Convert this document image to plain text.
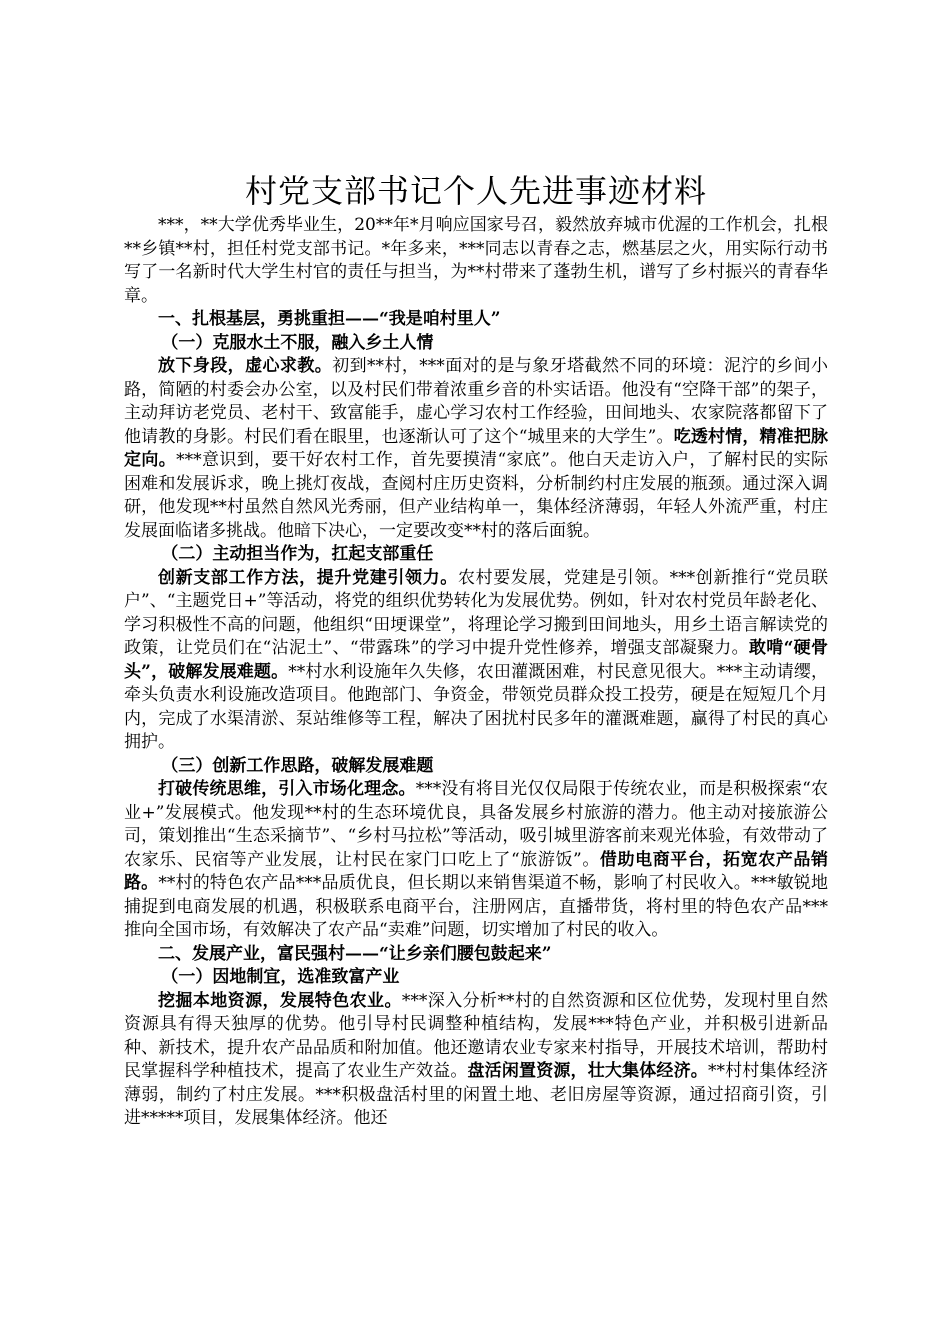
村党支部书记个人先进事迹材料

***，**大学优秀毕业生，20**年*月响应国家号召，毅然放弃城市优渥的工作机会，扎根**乡镇**村，担任村党支部书记。*年多来，***同志以青春之志，燃基层之火，用实际行动书写了一名新时代大学生村官的责任与担当，为**村带来了蓬勃生机，谱写了乡村振兴的青春华章。

一、扎根基层，勇挑重担——“我是咱村里人”

（一）克服水土不服，融入乡土人情

放下身段，虚心求教。初到**村，***面对的是与象牙塔截然不同的环境：泥泞的乡间小路，简陋的村委会办公室，以及村民们带着浓重乡音的朴实话语。他没有“空降干部”的架子，主动拜访老党员、老村干、致富能手，虚心学习农村工作经验，田间地头、农家院落都留下了他请教的身影。村民们看在眼里，也逐渐认可了这个“城里来的大学生”。吃透村情，精准把脉定向。***意识到，要干好农村工作，首先要摸清“家底”。他白天走访入户，了解村民的实际困难和发展诉求，晚上挑灯夜战，查阅村庄历史资料，分析制约村庄发展的瓶颈。通过深入调研，他发现**村虽然自然风光秀丽，但产业结构单一，集体经济薄弱，年轻人外流严重，村庄发展面临诸多挑战。他暗下决心，一定要改变**村的落后面貌。

（二）主动担当作为，扛起支部重任

创新支部工作方法，提升党建引领力。农村要发展，党建是引领。***创新推行“党员联户”、“主题党日+”等活动，将党的组织优势转化为发展优势。例如，针对农村党员年龄老化、学习积极性不高的问题，他组织“田埂课堂”，将理论学习搬到田间地头，用乡土语言解读党的政策，让党员们在“沾泥土”、“带露珠”的学习中提升党性修养，增强支部凝聚力。敢啃“硬骨头”，破解发展难题。**村水利设施年久失修，农田灌溉困难，村民意见很大。***主动请缨，牵头负责水利设施改造项目。他跑部门、争资金，带领党员群众投工投劳，硬是在短短几个月内，完成了水渠清淤、泵站维修等工程，解决了困扰村民多年的灌溉难题，赢得了村民的真心拥护。

（三）创新工作思路，破解发展难题

打破传统思维，引入市场化理念。***没有将目光仅仅局限于传统农业，而是积极探索“农业+”发展模式。他发现**村的生态环境优良，具备发展乡村旅游的潜力。他主动对接旅游公司，策划推出“生态采摘节”、“乡村马拉松”等活动，吸引城里游客前来观光体验，有效带动了农家乐、民宿等产业发展，让村民在家门口吃上了“旅游饭”。借助电商平台，拓宽农产品销路。**村的特色农产品***品质优良，但长期以来销售渠道不畅，影响了村民收入。***敏锐地捕捉到电商发展的机遇，积极联系电商平台，注册网店，直播带货，将村里的特色农产品***推向全国市场，有效解决了农产品“卖难”问题，切实增加了村民的收入。

二、发展产业，富民强村——“让乡亲们腰包鼓起来”

（一）因地制宜，选准致富产业

挖掘本地资源，发展特色农业。***深入分析**村的自然资源和区位优势，发现村里自然资源具有得天独厚的优势。他引导村民调整种植结构，发展***特色产业，并积极引进新品种、新技术，提升农产品品质和附加值。他还邀请农业专家来村指导，开展技术培训，帮助村民掌握科学种植技术，提高了农业生产效益。盘活闲置资源，壮大集体经济。**村村集体经济薄弱，制约了村庄发展。***积极盘活村里的闲置土地、老旧房屋等资源，通过招商引资，引进*****项目，发展集体经济。他还
